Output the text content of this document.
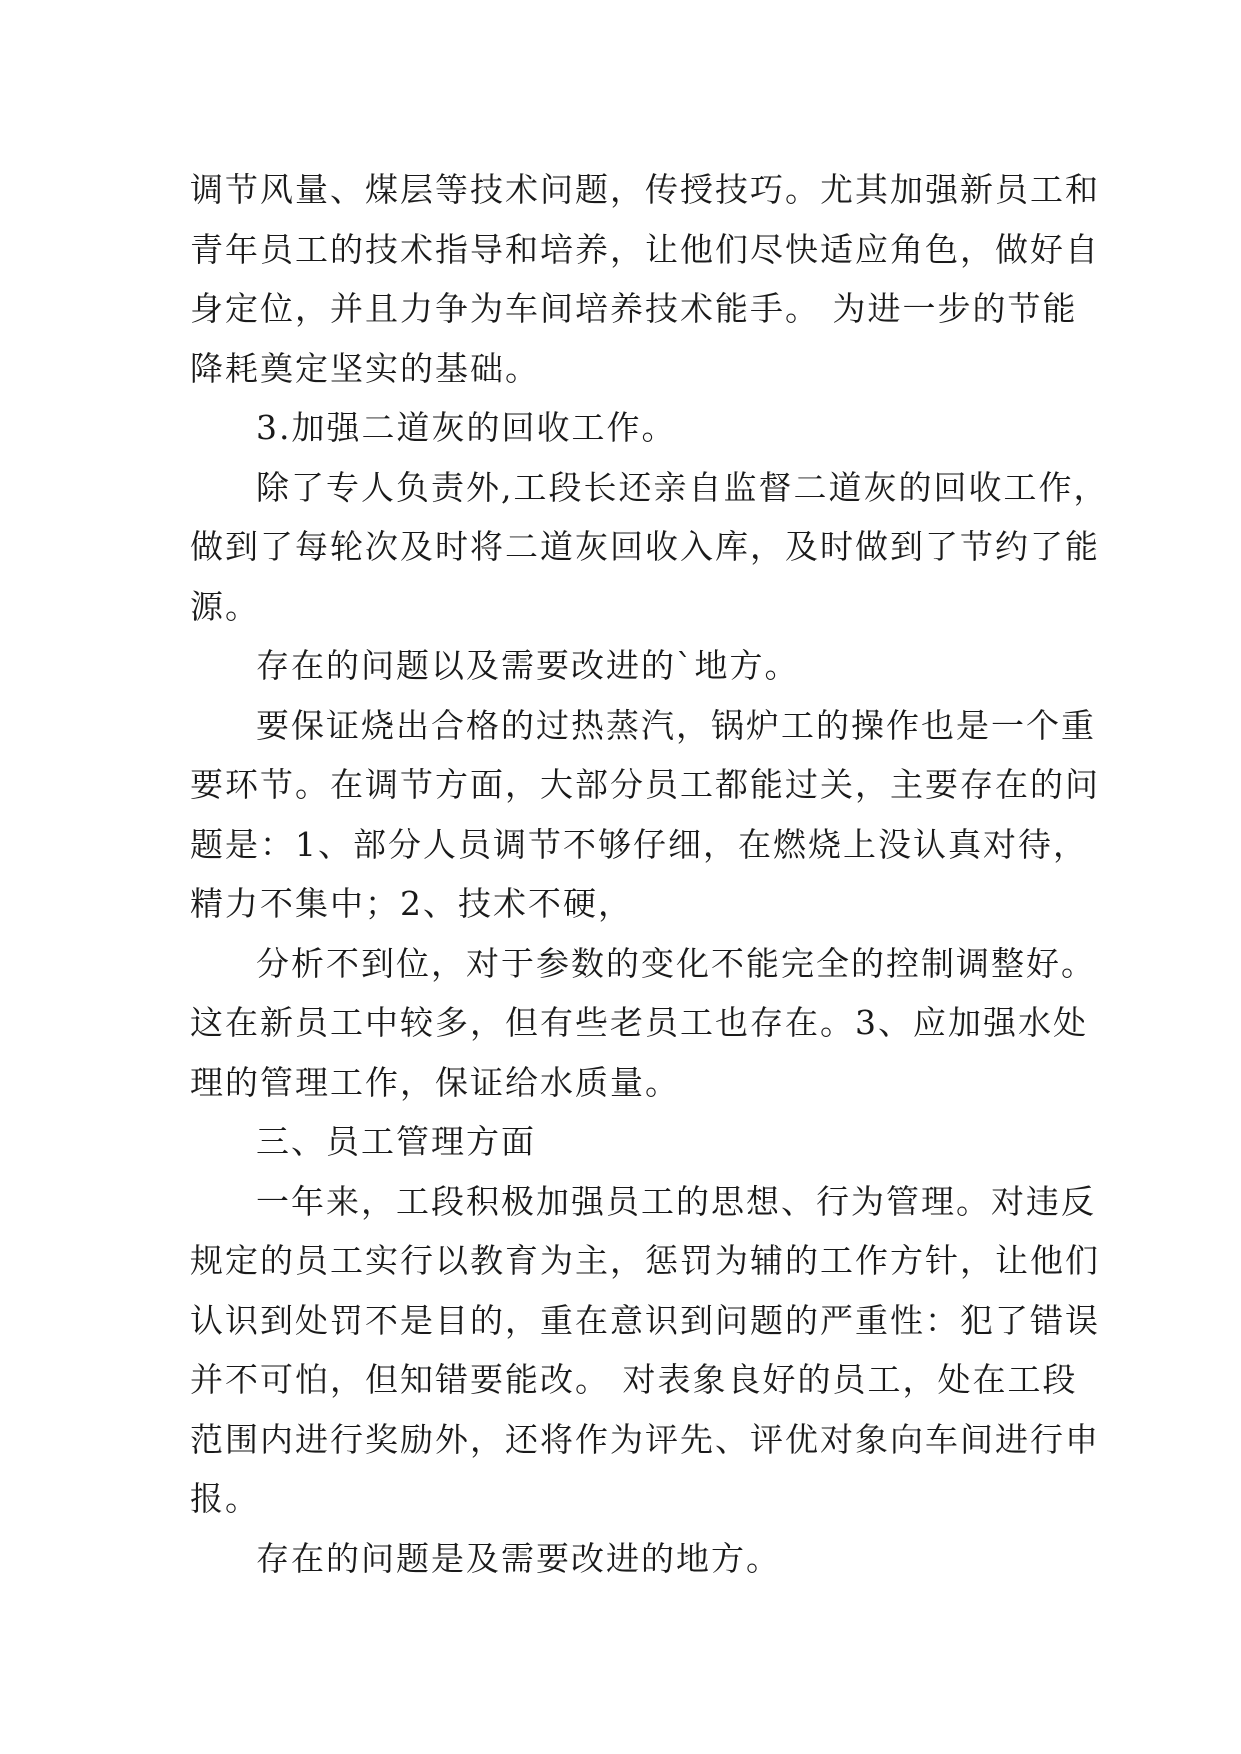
调节风量、煤层等技术问题，传授技巧。尤其加强新员工和
青年员工的技术指导和培养，让他们尽快适应角色，做好自
身定位，并且力争为车间培养技术能手。 为进一步的节能
降耗奠定坚实的基础。
3.加强二道灰的回收工作。
除了专人负责外,工段长还亲自监督二道灰的回收工作，
做到了每轮次及时将二道灰回收入库，及时做到了节约了能
源。
存在的问题以及需要改进的`地方。
要保证烧出合格的过热蒸汽，锅炉工的操作也是一个重
要环节。在调节方面，大部分员工都能过关，主要存在的问
题是：1、部分人员调节不够仔细，在燃烧上没认真对待，
精力不集中；2、技术不硬，
分析不到位，对于参数的变化不能完全的控制调整好。
这在新员工中较多，但有些老员工也存在。3、应加强水处
理的管理工作，保证给水质量。
三、员工管理方面
一年来，工段积极加强员工的思想、行为管理。对违反
规定的员工实行以教育为主，惩罚为辅的工作方针，让他们
认识到处罚不是目的，重在意识到问题的严重性：犯了错误
并不可怕，但知错要能改。 对表象良好的员工，处在工段
范围内进行奖励外，还将作为评先、评优对象向车间进行申
报。
存在的问题是及需要改进的地方。
